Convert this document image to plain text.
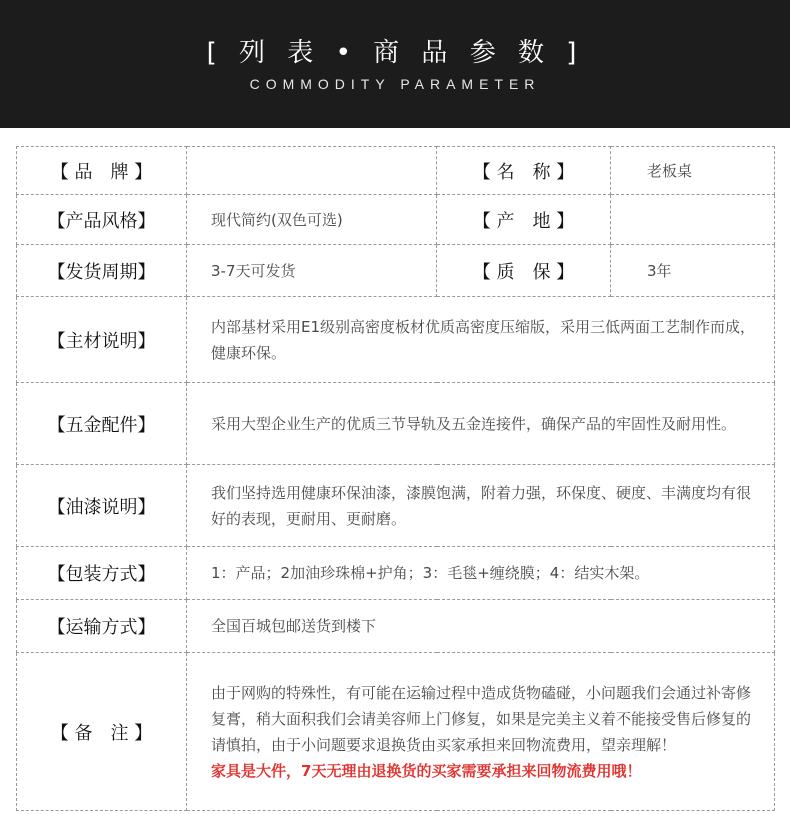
[ 列 表 • 商 品 参 数 ]
COMMODITY PARAMETER
【 品　牌 】		【 名　称 】	老板桌
【产品风格】	现代简约(双色可选)	【 产　地 】	
【发货周期】	3-7天可发货	【 质　保 】	3年
【主材说明】	内部基材采用E1级别高密度板材优质高密度压缩版，采用三低两面工艺制作而成，健康环保。		
【五金配件】	采用大型企业生产的优质三节导轨及五金连接件，确保产品的牢固性及耐用性。		
【油漆说明】	我们坚持选用健康环保油漆，漆膜饱满，附着力强，环保度、硬度、丰满度均有很好的表现，更耐用、更耐磨。		
【包装方式】	1：产品；2加油珍珠棉+护角；3：毛毯+缠绕膜；4：结实木架。		
【运输方式】	全国百城包邮送货到楼下		
【 备　注 】	由于网购的特殊性，有可能在运输过程中造成货物磕碰，小问题我们会通过补寄修复膏，稍大面积我们会请美容师上门修复，如果是完美主义着不能接受售后修复的请慎拍，由于小问题要求退换货由买家承担来回物流费用，望亲理解！
家具是大件，7天无理由退换货的买家需要承担来回物流费用哦！		
